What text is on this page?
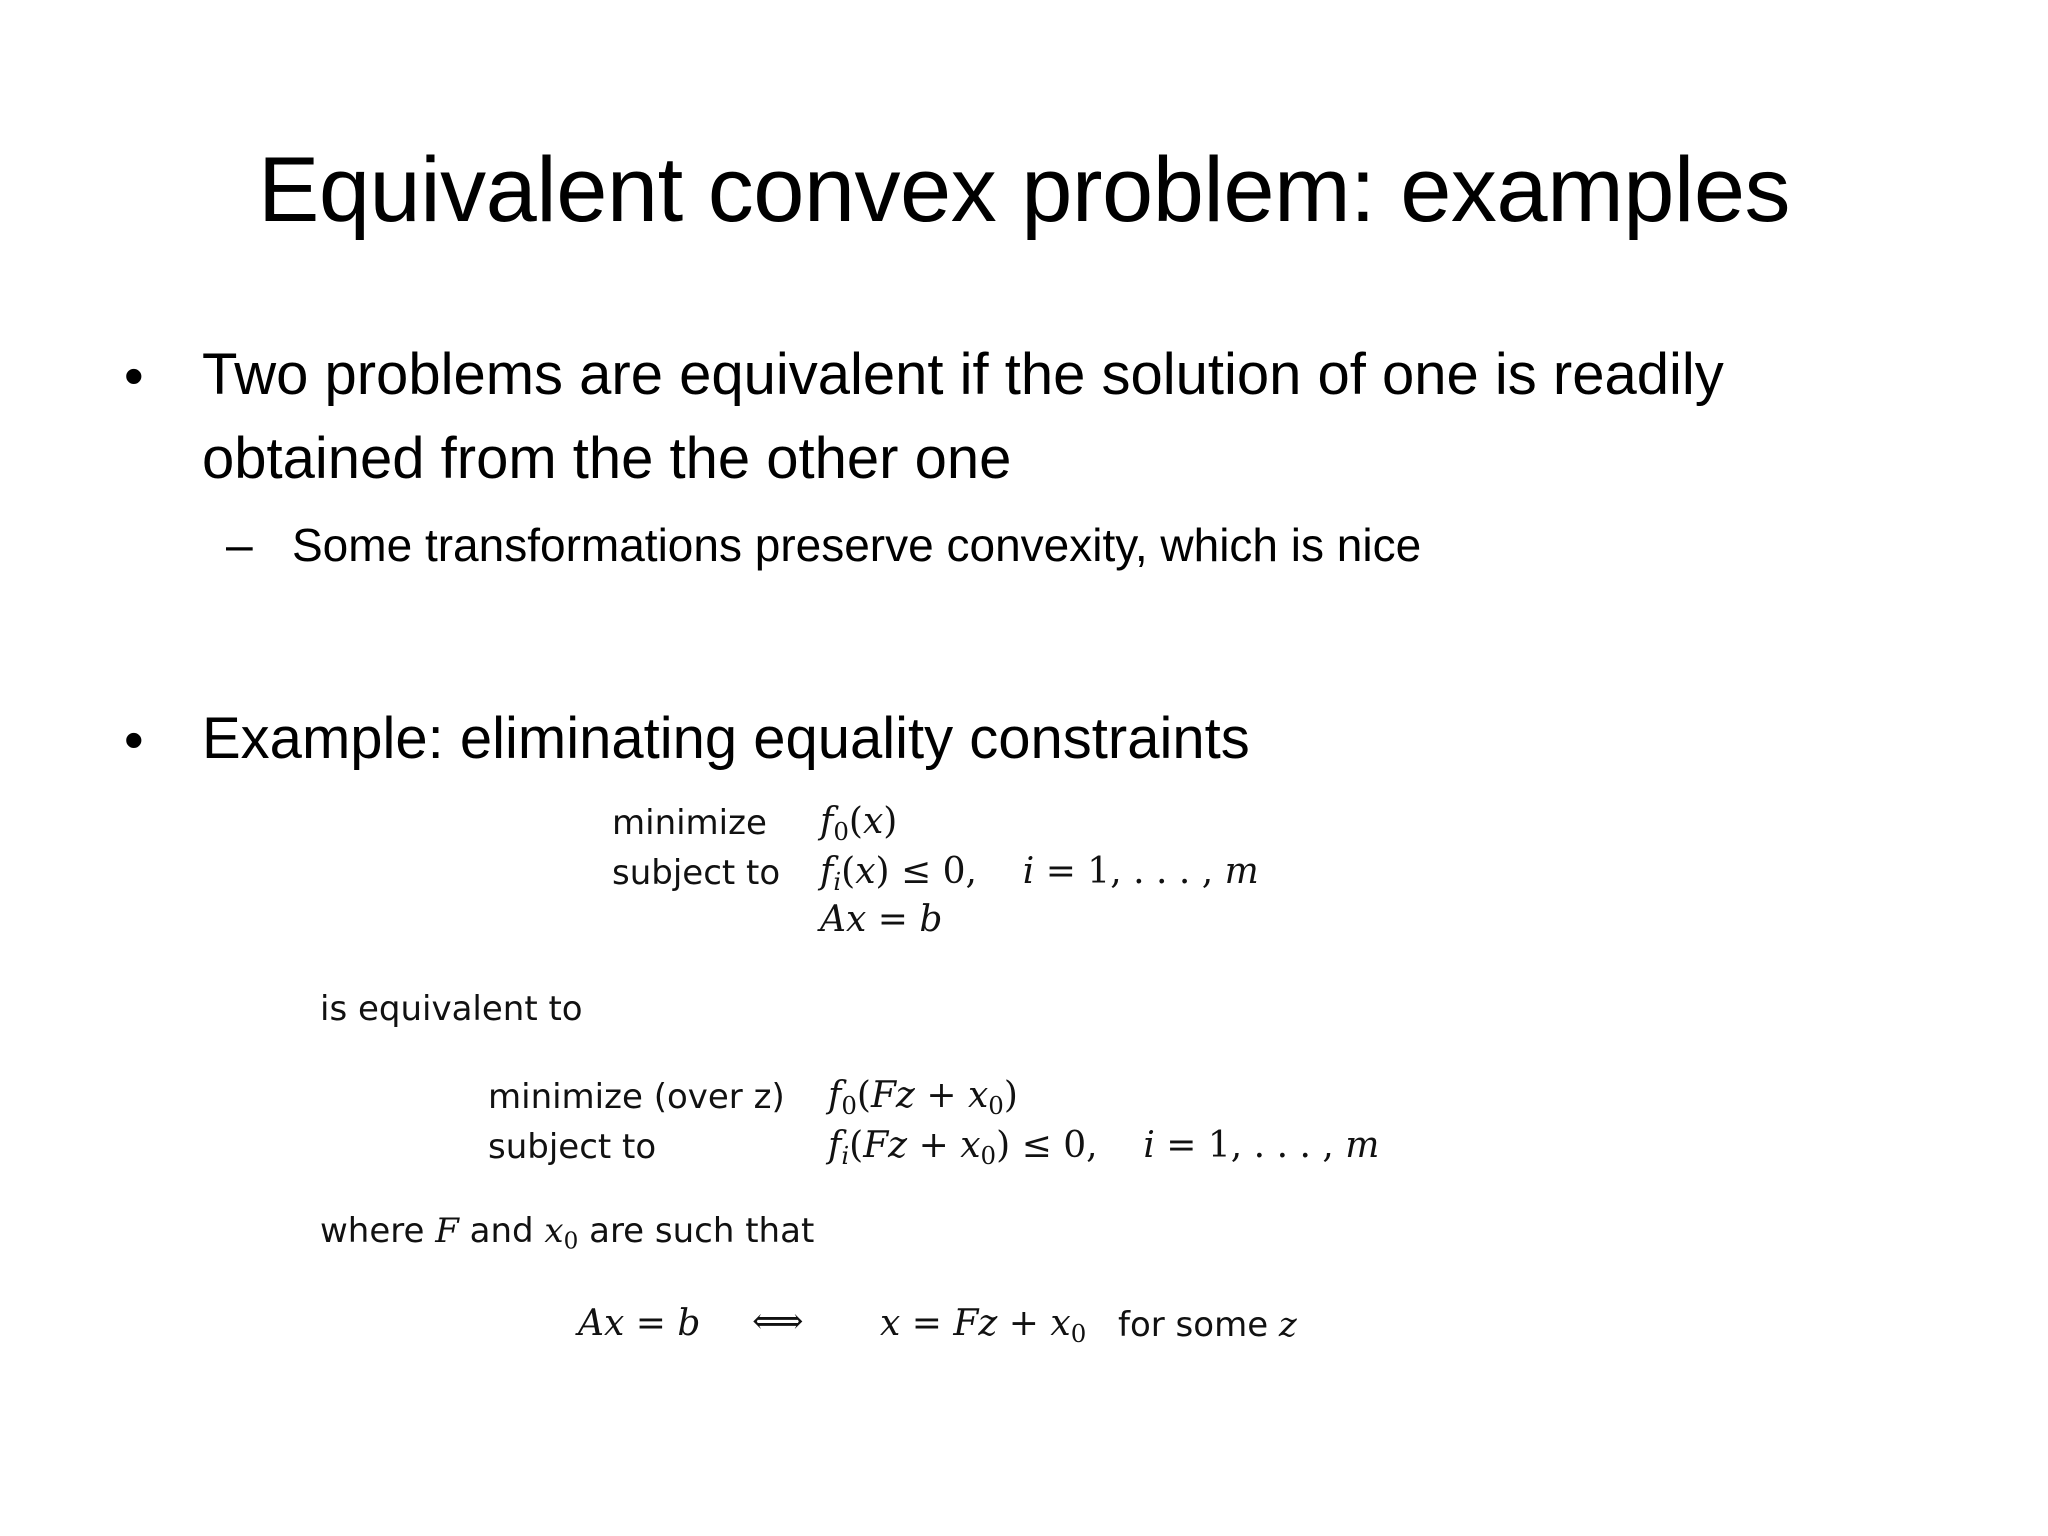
Equivalent convex problem: examples
• Two problems are equivalent if the solution of one is readily
obtained from the the other one
– Some transformations preserve convexity, which is nice
• Example: eliminating equality constraints
minimize
subject to
$f_0(x)$
$f_i(x) \le 0$,    i = 1, . . . , m
Ax = b
is equivalent to
minimize (over z)
subject to
$f_0(Fz + x_0)$
$f_i(Fz + x_0) \le 0$,    i = 1, . . . , m
where F and $x_0$ are such that
Ax = b ⟺ $x = Fz + x_0$ for some z
